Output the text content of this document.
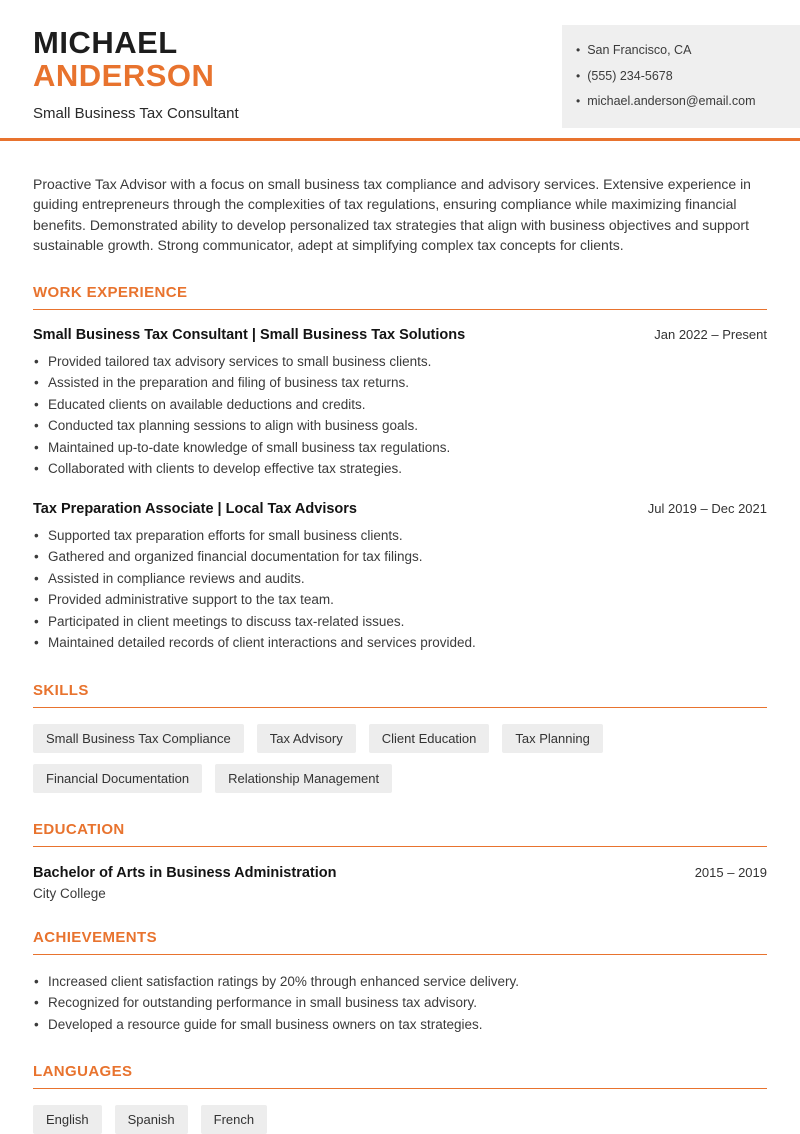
MICHAEL
ANDERSON
Small Business Tax Consultant
• San Francisco, CA
• (555) 234-5678
• michael.anderson@email.com

Proactive Tax Advisor with a focus on small business tax compliance and advisory services. Extensive experience in guiding entrepreneurs through the complexities of tax regulations, ensuring compliance while maximizing financial benefits. Demonstrated ability to develop personalized tax strategies that align with business objectives and support sustainable growth. Strong communicator, adept at simplifying complex tax concepts for clients.

WORK EXPERIENCE
Small Business Tax Consultant | Small Business Tax Solutions	Jan 2022 – Present
• Provided tailored tax advisory services to small business clients.
• Assisted in the preparation and filing of business tax returns.
• Educated clients on available deductions and credits.
• Conducted tax planning sessions to align with business goals.
• Maintained up-to-date knowledge of small business tax regulations.
• Collaborated with clients to develop effective tax strategies.
Tax Preparation Associate | Local Tax Advisors	Jul 2019 – Dec 2021
• Supported tax preparation efforts for small business clients.
• Gathered and organized financial documentation for tax filings.
• Assisted in compliance reviews and audits.
• Provided administrative support to the tax team.
• Participated in client meetings to discuss tax-related issues.
• Maintained detailed records of client interactions and services provided.
SKILLS
Small Business Tax Compliance	Tax Advisory	Client Education	Tax Planning
Financial Documentation	Relationship Management
EDUCATION
Bachelor of Arts in Business Administration	2015 – 2019
City College
ACHIEVEMENTS
• Increased client satisfaction ratings by 20% through enhanced service delivery.
• Recognized for outstanding performance in small business tax advisory.
• Developed a resource guide for small business owners on tax strategies.
LANGUAGES
English	Spanish	French
